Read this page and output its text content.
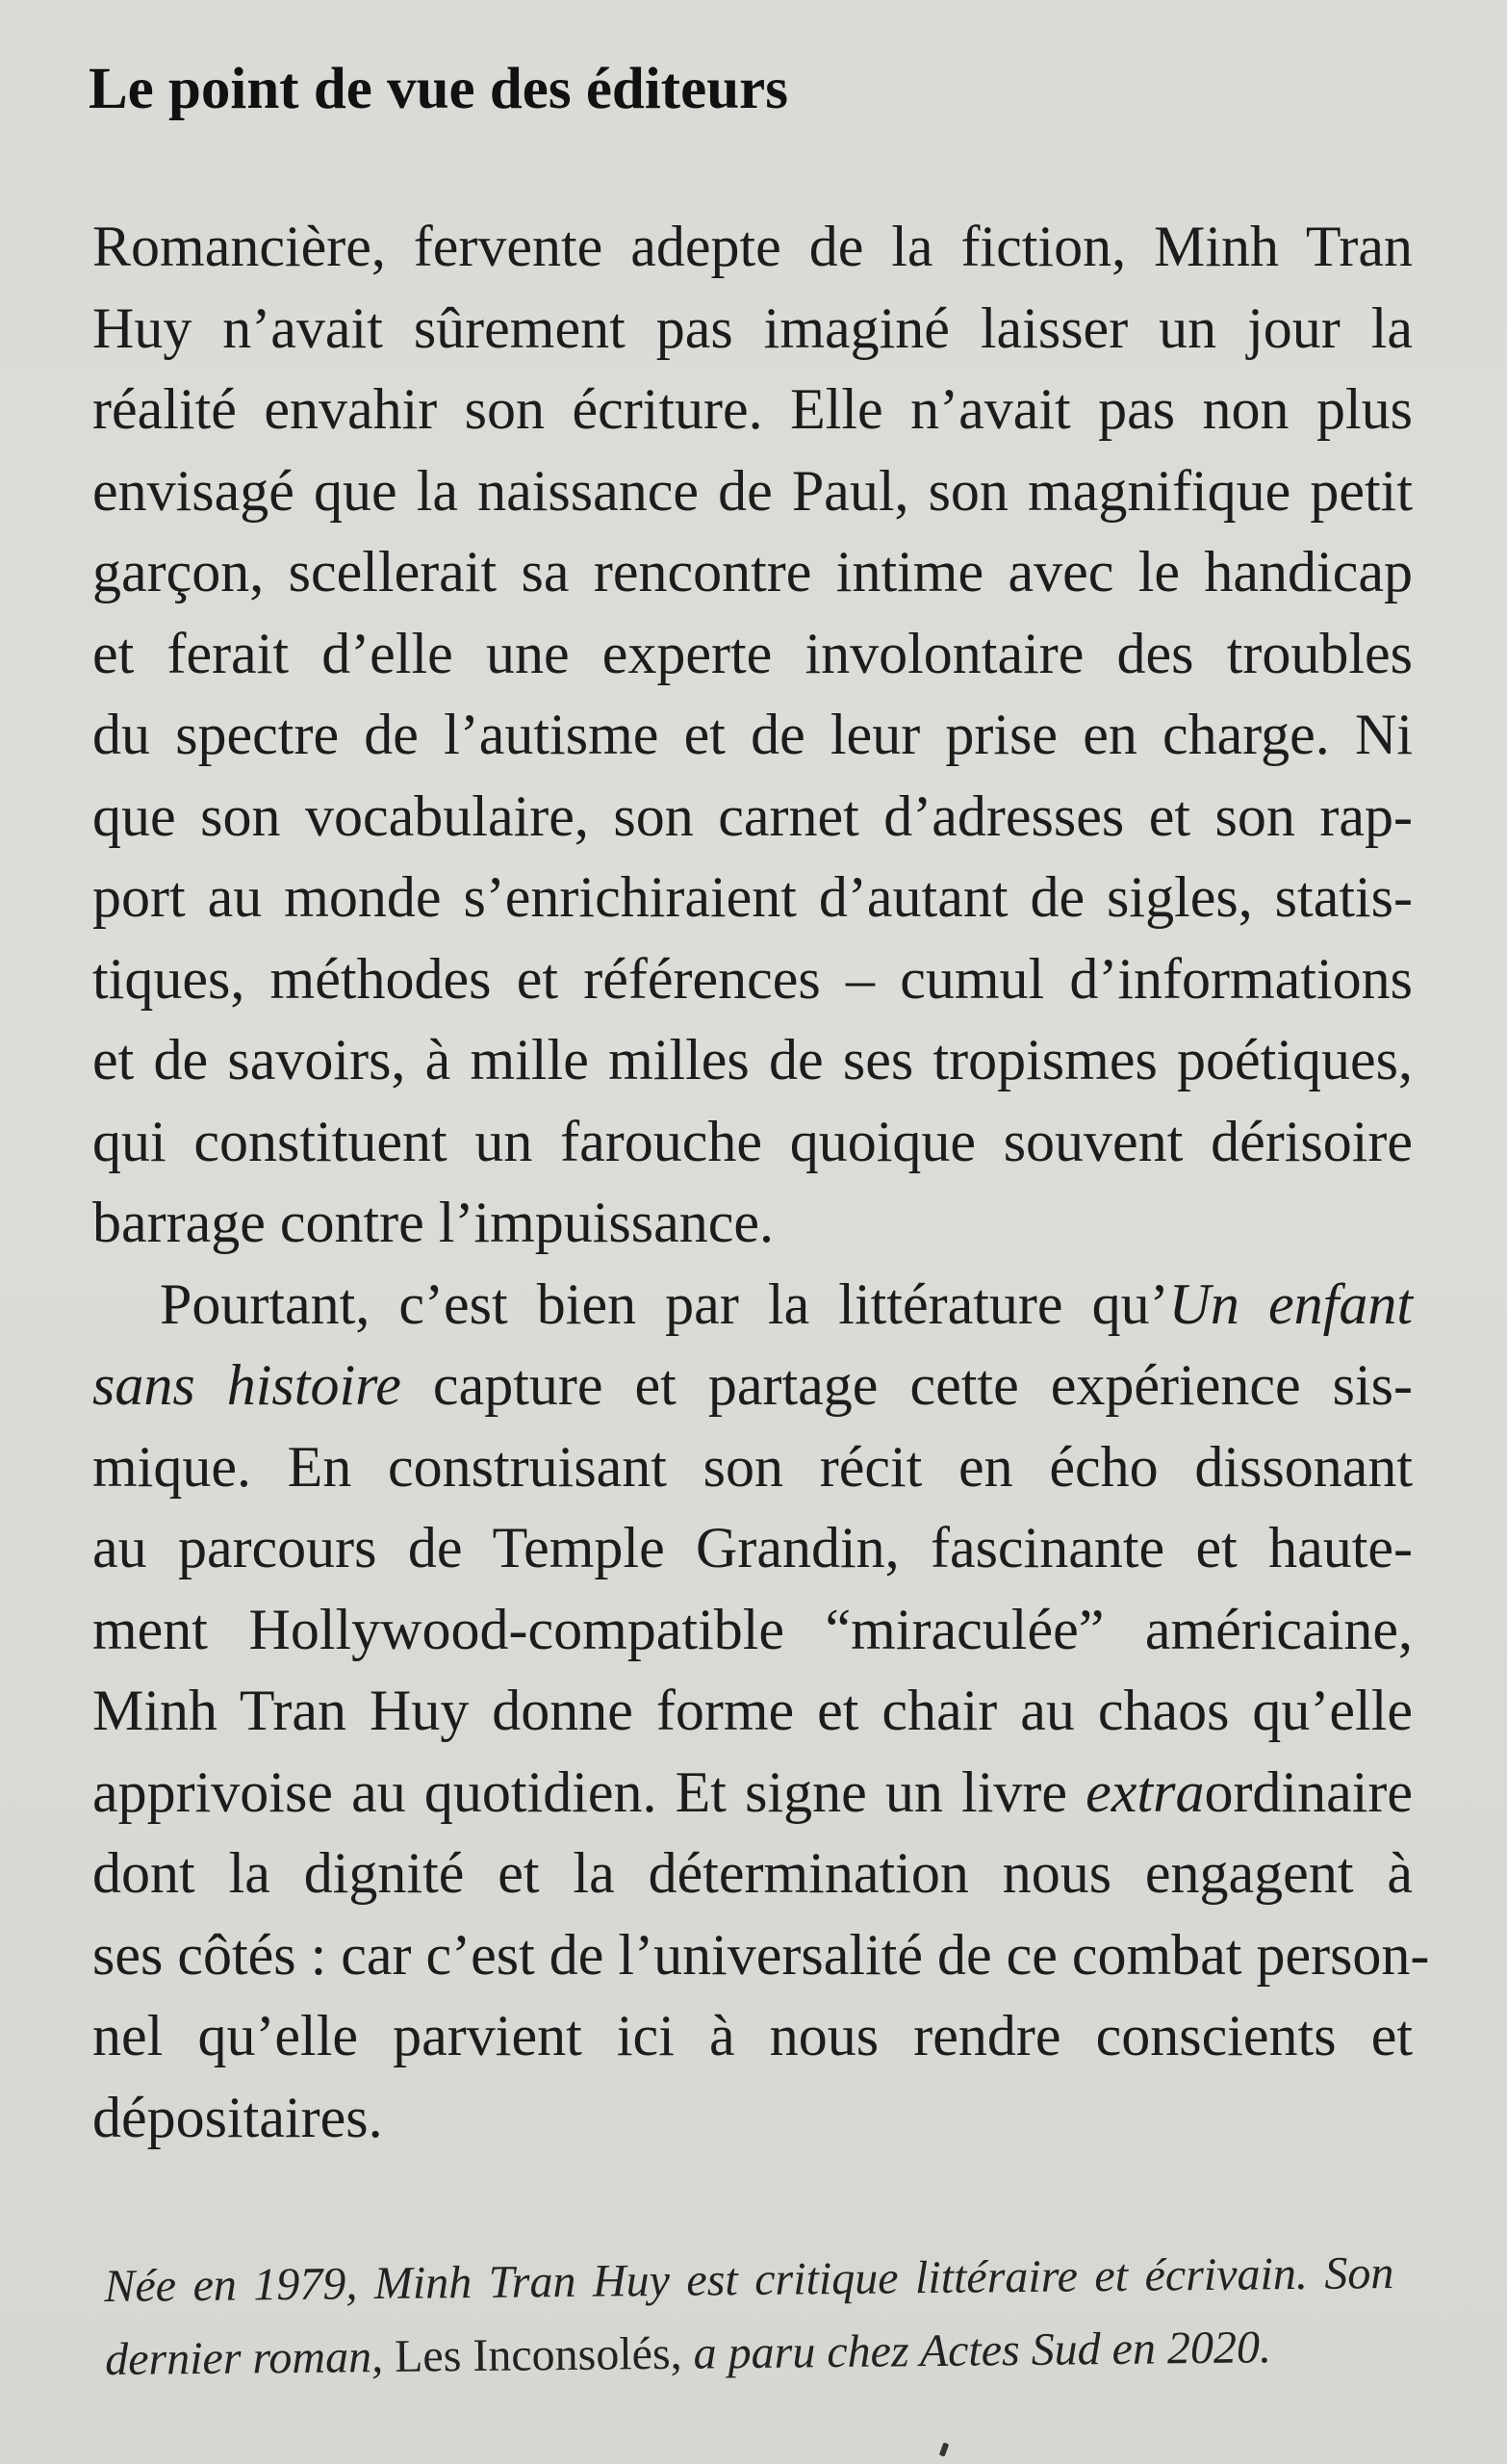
Le point de vue des éditeurs
Romancière, fervente adepte de la fiction, Minh Tran
Huy n’avait sûrement pas imaginé laisser un jour la
réalité envahir son écriture. Elle n’avait pas non plus
envisagé que la naissance de Paul, son magnifique petit
garçon, scellerait sa rencontre intime avec le handicap
et ferait d’elle une experte involontaire des troubles
du spectre de l’autisme et de leur prise en charge. Ni
que son vocabulaire, son carnet d’adresses et son rap-
port au monde s’enrichiraient d’autant de sigles, statis-
tiques, méthodes et références – cumul d’informations
et de savoirs, à mille milles de ses tropismes poétiques,
qui constituent un farouche quoique souvent dérisoire
barrage contre l’impuissance.
Pourtant, c’est bien par la littérature qu’Un enfant
sans histoire capture et partage cette expérience sis-
mique. En construisant son récit en écho dissonant
au parcours de Temple Grandin, fascinante et haute-
ment Hollywood-compatible “miraculée” américaine,
Minh Tran Huy donne forme et chair au chaos qu’elle
apprivoise au quotidien. Et signe un livre extraordinaire
dont la dignité et la détermination nous engagent à
ses côtés : car c’est de l’universalité de ce combat person-
nel qu’elle parvient ici à nous rendre conscients et
dépositaires.
Née en 1979, Minh Tran Huy est critique littéraire et écrivain. Son
dernier roman, Les Inconsolés, a paru chez Actes Sud en 2020.
